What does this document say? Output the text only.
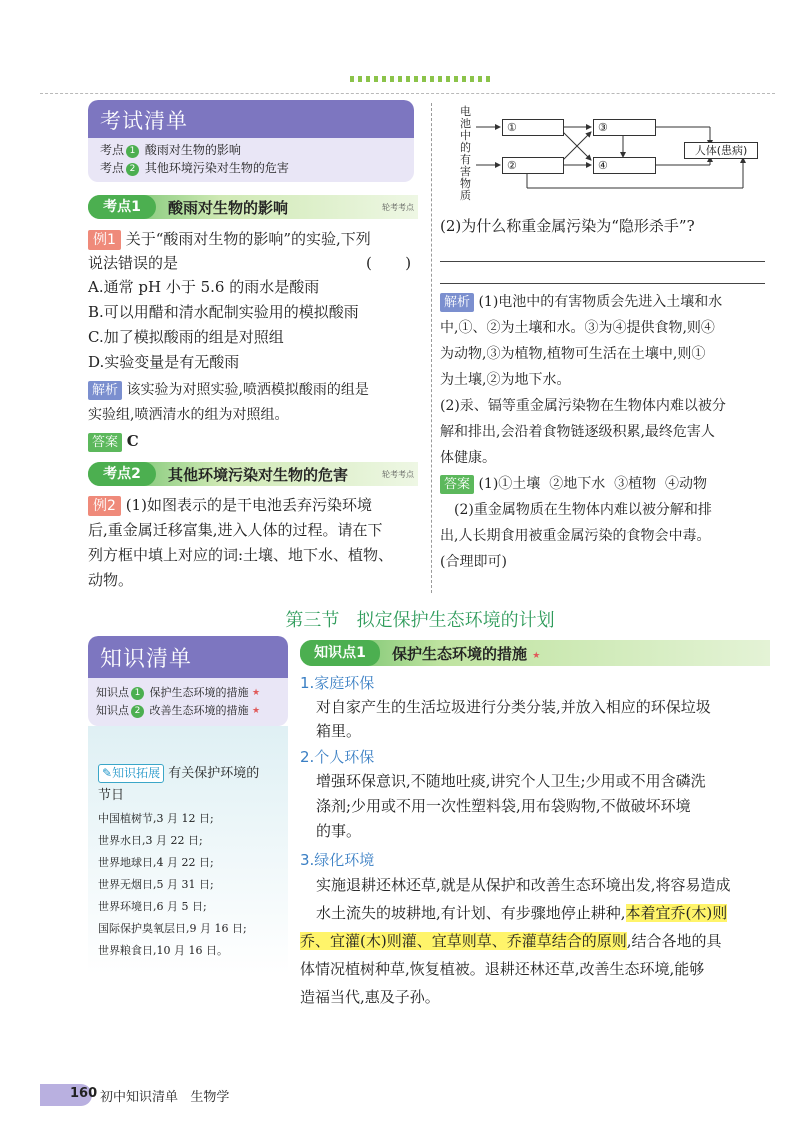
考试清单
考点 1 酸雨对生物的影响
考点 2 其他环境污染对生物的危害
考点1	酸雨对生物的影响	轮考考点
例1 关于“酸雨对生物的影响”的实验,下列
说法错误的是	(       )
A.通常 pH 小于 5.6 的雨水是酸雨
B.可以用醋和清水配制实验用的模拟酸雨
C.加了模拟酸雨的组是对照组
D.实验变量是有无酸雨
解析 该实验为对照实验,喷洒模拟酸雨的组是
实验组,喷洒清水的组为对照组。
答案 C
考点2	其他环境污染对生物的危害	轮考考点
例2 (1)如图表示的是干电池丢弃污染环境
后,重金属迁移富集,进入人体的过程。请在下
列方框中填上对应的词:土壤、地下水、植物、
动物。
电
池
中
的
有
害
物
质
①
②
③
④
人体(患病)
(2)为什么称重金属污染为“隐形杀手”?
解析 (1)电池中的有害物质会先进入土壤和水
中,①、②为土壤和水。③为④提供食物,则④
为动物,③为植物,植物可生活在土壤中,则①
为土壤,②为地下水。
(2)汞、镉等重金属污染物在生物体内难以被分
解和排出,会沿着食物链逐级积累,最终危害人
体健康。
答案 (1)①土壤  ②地下水  ③植物  ④动物
(2)重金属物质在生物体内难以被分解和排
出,人长期食用被重金属污染的食物会中毒。
(合理即可)
第三节   拟定保护生态环境的计划
知识清单
知识点 1 保护生态环境的措施 ★
知识点 2 改善生态环境的措施 ★
✎知识拓展 有关保护环境的
节日
中国植树节,3 月 12 日;
世界水日,3 月 22 日;
世界地球日,4 月 22 日;
世界无烟日,5 月 31 日;
世界环境日,6 月 5 日;
国际保护臭氧层日,9 月 16 日;
世界粮食日,10 月 16 日。
知识点1	保护生态环境的措施 ★
1.家庭环保
对自家产生的生活垃圾进行分类分装,并放入相应的环保垃圾
箱里。
2.个人环保
增强环保意识,不随地吐痰,讲究个人卫生;少用或不用含磷洗
涤剂;少用或不用一次性塑料袋,用布袋购物,不做破坏环境
的事。
3.绿化环境
实施退耕还林还草,就是从保护和改善生态环境出发,将容易造成
水土流失的坡耕地,有计划、有步骤地停止耕种,本着宜乔(木)则
乔、宜灌(木)则灌、宜草则草、乔灌草结合的原则,结合各地的具
体情况植树种草,恢复植被。退耕还林还草,改善生态环境,能够
造福当代,惠及子孙。
160 初中知识清单   生物学
